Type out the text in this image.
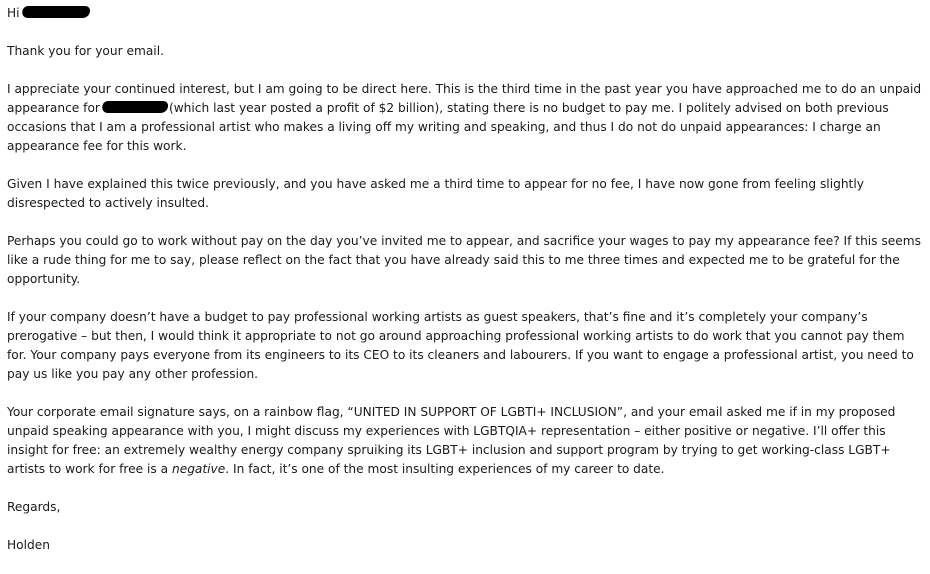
Hi

Thank you for your email.

I appreciate your continued interest, but I am going to be direct here. This is the third time in the past year you have approached me to do an unpaid appearance for	(which last year posted a profit of $2 billion), stating there is no budget to pay me. I politely advised on both previous occasions that I am a professional artist who makes a living off my writing and speaking, and thus I do not do unpaid appearances: I charge an appearance fee for this work.

Given I have explained this twice previously, and you have asked me a third time to appear for no fee, I have now gone from feeling slightly disrespected to actively insulted.

Perhaps you could go to work without pay on the day you’ve invited me to appear, and sacrifice your wages to pay my appearance fee? If this seems like a rude thing for me to say, please reflect on the fact that you have already said this to me three times and expected me to be grateful for the opportunity.

If your company doesn’t have a budget to pay professional working artists as guest speakers, that’s fine and it’s completely your company’s prerogative – but then, I would think it appropriate to not go around approaching professional working artists to do work that you cannot pay them for. Your company pays everyone from its engineers to its CEO to its cleaners and labourers. If you want to engage a professional artist, you need to pay us like you pay any other profession.

Your corporate email signature says, on a rainbow flag, “UNITED IN SUPPORT OF LGBTI+ INCLUSION”, and your email asked me if in my proposed unpaid speaking appearance with you, I might discuss my experiences with LGBTQIA+ representation – either positive or negative. I’ll offer this insight for free: an extremely wealthy energy company spruiking its LGBT+ inclusion and support program by trying to get working-class LGBT+ artists to work for free is a negative. In fact, it’s one of the most insulting experiences of my career to date.

Regards,

Holden
